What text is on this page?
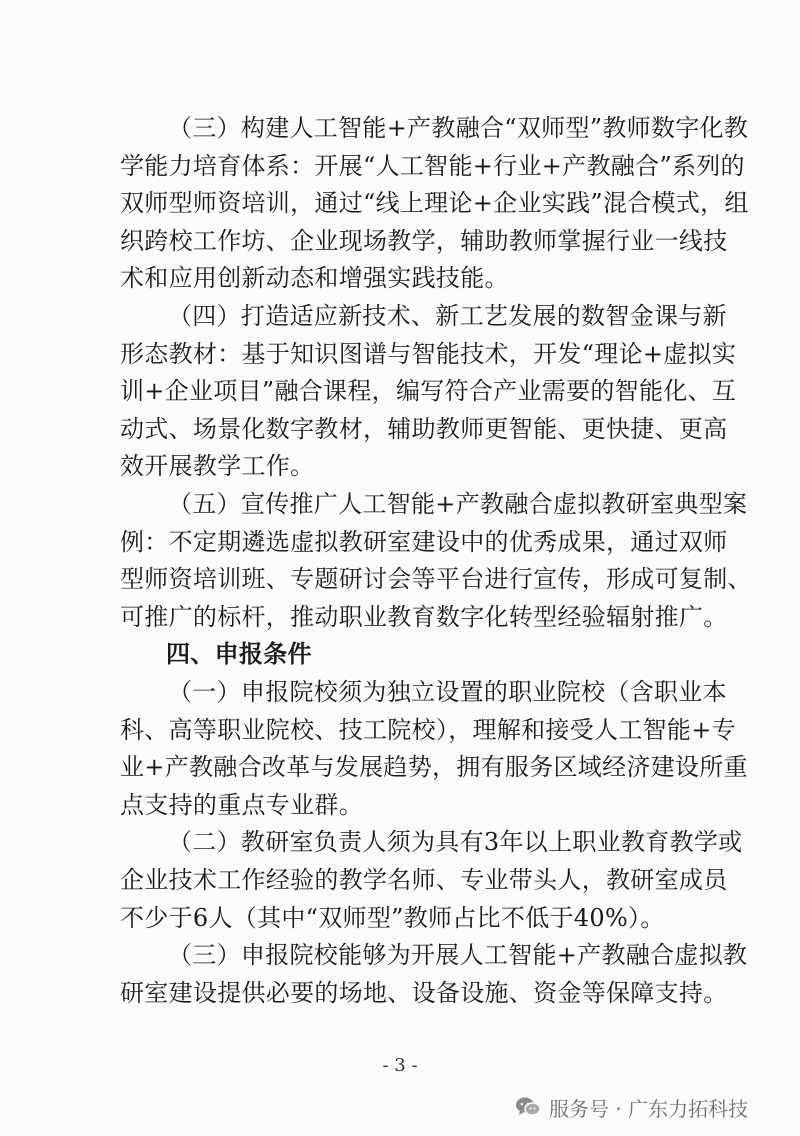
（三）构建人工智能+产教融合“双师型”教师数字化教
学能力培育体系：开展“人工智能+行业+产教融合”系列的
双师型师资培训，通过“线上理论+企业实践”混合模式，组
织跨校工作坊、企业现场教学，辅助教师掌握行业一线技
术和应用创新动态和增强实践技能。
（四）打造适应新技术、新工艺发展的数智金课与新
形态教材：基于知识图谱与智能技术，开发“理论+虚拟实
训+企业项目”融合课程，编写符合产业需要的智能化、互
动式、场景化数字教材，辅助教师更智能、更快捷、更高
效开展教学工作。
（五）宣传推广人工智能+产教融合虚拟教研室典型案
例：不定期遴选虚拟教研室建设中的优秀成果，通过双师
型师资培训班、专题研讨会等平台进行宣传，形成可复制、
可推广的标杆，推动职业教育数字化转型经验辐射推广。
四、申报条件
（一）申报院校须为独立设置的职业院校（含职业本
科、高等职业院校、技工院校），理解和接受人工智能+专
业+产教融合改革与发展趋势，拥有服务区域经济建设所重
点支持的重点专业群。
（二）教研室负责人须为具有3年以上职业教育教学或
企业技术工作经验的教学名师、专业带头人，教研室成员
不少于6人（其中“双师型”教师占比不低于40%）。
（三）申报院校能够为开展人工智能+产教融合虚拟教
研室建设提供必要的场地、设备设施、资金等保障支持。
- 3 -
服务号 · 广东力拓科技
